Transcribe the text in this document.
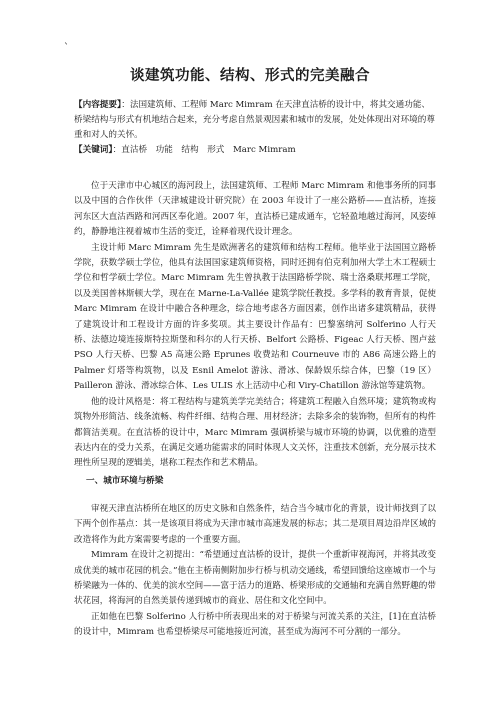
`
谈建筑功能、结构、形式的完美融合
【内容提要】：法国建筑师、工程师 Marc Mimram 在天津直沽桥的设计中，将其交通功能、桥梁结构与形式有机地结合起来，充分考虑自然景观因素和城市的发展，处处体现出对环境的尊重和对人的关怀。
【关键词】：直沽桥　功能　结构　形式　Marc Mimram

位于天津市中心城区的海河段上，法国建筑师、工程师 Marc Mimram 和他事务所的同事以及中国的合作伙伴（天津城建设计研究院）在 2003 年设计了一座公路桥——直沽桥，连接河东区大直沽西路和河西区奉化道。2007 年，直沽桥已建成通车，它轻盈地越过海河，风姿绰约，静静地注视着城市生活的变迁，诠释着现代设计理念。

主设计师 Marc Mimram 先生是欧洲著名的建筑师和结构工程师。他毕业于法国国立路桥学院，获数学硕士学位，他具有法国国家建筑师资格，同时还拥有伯克利加州大学土木工程硕士学位和哲学硕士学位。Marc Mimram 先生曾执教于法国路桥学院、瑞士洛桑联邦理工学院，以及美国普林斯顿大学，现在在 Marne-La-Vallée 建筑学院任教授。多学科的教育背景，促使 Marc Mimram 在设计中融合各种理念，综合地考虑各方面因素，创作出诸多建筑精品，获得了建筑设计和工程设计方面的许多奖项。其主要设计作品有：巴黎塞纳河 Solferino 人行天桥、法德边境连接斯特拉斯堡和科尔的人行天桥、Belfort 公路桥、Figeac 人行天桥、图卢兹 PSO 人行天桥、巴黎 A5 高速公路 Eprunes 收费站和 Courneuve 市的 A86 高速公路上的 Palmer 灯塔等构筑物，以及 Esnil Amelot 游泳、滑冰、保龄娱乐综合体，巴黎（19 区）Pailleron 游泳、滑冰综合体、Les ULIS 水上活动中心和 Viry-Chatillon 游泳馆等建筑物。

他的设计风格是：将工程结构与建筑美学完美结合；将建筑工程融入自然环境；建筑物或构筑物外形简洁、线条流畅、构件纤细、结构合理、用材经济；去除多余的装饰物，但所有的构件都简洁美观。在直沽桥的设计中，Marc Mimram 强调桥梁与城市环境的协调，以优雅的造型表达内在的受力关系，在满足交通功能需求的同时体现人文关怀，注重技术创新，充分展示技术理性所呈现的逻辑美，堪称工程杰作和艺术精品。

一、城市环境与桥梁

审视天津直沽桥所在地区的历史文脉和自然条件，结合当今城市化的背景，设计师找到了以下两个创作基点：其一是该项目将成为天津市城市高速发展的标志；其二是项目周边沿岸区域的改造将作为此方案需要考虑的一个重要方面。

Mimram 在设计之初提出：“希望通过直沽桥的设计，提供一个重新审视海河，并将其改变成优美的城市花园的机会。”他在主桥南侧附加步行桥与机动交通线，希望回馈给这座城市一个与桥梁融为一体的、优美的滨水空间——富于活力的道路、桥梁形成的交通轴和充满自然野趣的带状花园，将海河的自然美景传递到城市的商业、居住和文化空间中。

正如他在巴黎 Solferino 人行桥中所表现出来的对于桥梁与河流关系的关注，[1]在直沽桥的设计中，Mimram 也希望桥梁尽可能地接近河流，甚至成为海河不可分割的一部分。
